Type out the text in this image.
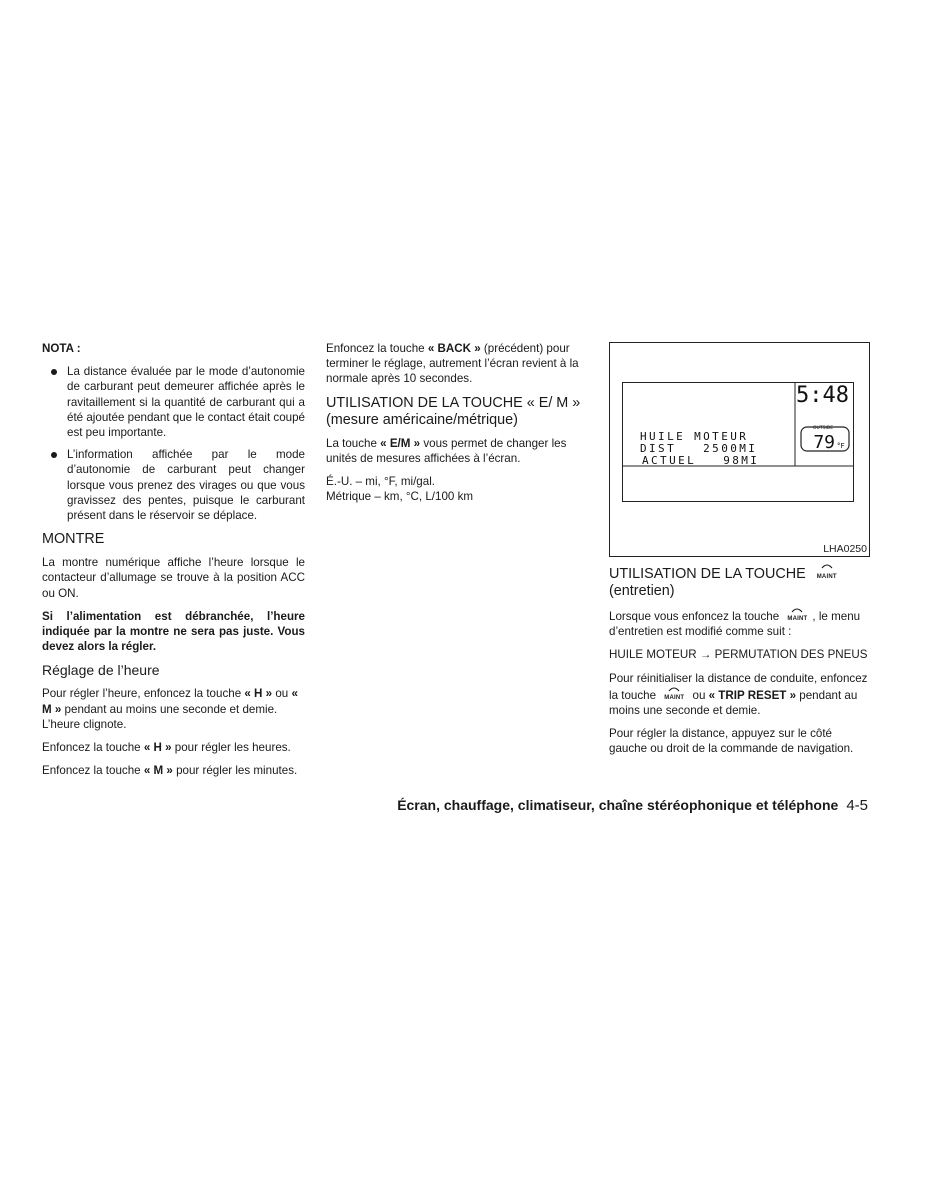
NOTA :

La distance évaluée par le mode d’autonomie de carburant peut demeurer affichée après le ravitaillement si la quantité de carburant qui a été ajoutée pendant que le contact était coupé est peu importante.
L’information affichée par le mode d’autonomie de carburant peut changer lorsque vous prenez des virages ou que vous gravissez des pentes, puisque le carburant présent dans le réservoir se déplace.
MONTRE

La montre numérique affiche l’heure lorsque le contacteur d’allumage se trouve à la position ACC ou ON.

Si l’alimentation est débranchée, l’heure indiquée par la montre ne sera pas juste. Vous devez alors la régler.

Réglage de l’heure

Pour régler l’heure, enfoncez la touche « H » ou « M » pendant au moins une seconde et demie. L’heure clignote.

Enfoncez la touche « H » pour régler les heures.

Enfoncez la touche « M » pour régler les minutes.

Enfoncez la touche « BACK » (précédent) pour terminer le réglage, autrement l’écran revient à la normale après 10 secondes.

UTILISATION DE LA TOUCHE « E/ M » (mesure américaine/métrique)

La touche « E/M » vous permet de changer les unités de mesures affichées à l’écran.

É.-U. – mi, °F, mi/gal.
Métrique – km, °C, L/100 km

5:48
OUTSIDE
79 °F
HUILE MOTEUR
DIST   2500MI
ACTUEL   98MI
LHA0250
UTILISATION DE LA TOUCHE	MAINT

(entretien)

Lorsque vous enfoncez la touche	MAINT , le menu d’entretien est modifié comme suit :

HUILE MOTEUR → PERMUTATION DES PNEUS

Pour réinitialiser la distance de conduite, enfoncez la touche	MAINT ou « TRIP RESET » pendant au moins une seconde et demie.

Pour régler la distance, appuyez sur le côté gauche ou droit de la commande de navigation.

Écran, chauffage, climatiseur, chaîne stéréophonique et téléphone 4-5
